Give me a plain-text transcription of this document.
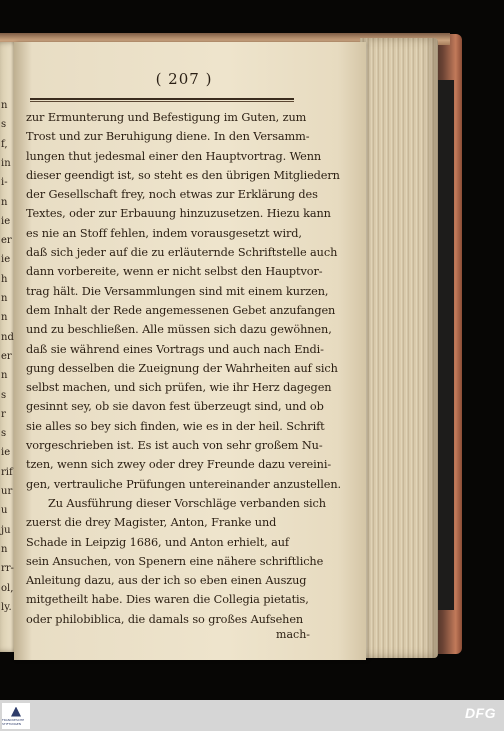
n
s
f,
in
i-
n
ie
er
ie
h
n
n
nd
er
n
s
r
s
ie
rif
ur
u
ju
n
rr-
ol,
ly.
( 207 )
zur Ermunterung und Befestigung im Guten, zum
Trost und zur Beruhigung diene. In den Versamm-
lungen thut jedesmal einer den Hauptvortrag. Wenn
dieser geendigt ist, so steht es den übrigen Mitgliedern
der Gesellschaft frey, noch etwas zur Erklärung des
Textes, oder zur Erbauung hinzuzusetzen. Hiezu kann
es nie an Stoff fehlen, indem vorausgesetzt wird,
daß sich jeder auf die zu erläuternde Schriftstelle auch
dann vorbereite, wenn er nicht selbst den Hauptvor-
trag hält. Die Versammlungen sind mit einem kurzen,
dem Inhalt der Rede angemessenen Gebet anzufangen
und zu beschließen. Alle müssen sich dazu gewöhnen,
daß sie während eines Vortrags und auch nach Endi-
gung desselben die Zueignung der Wahrheiten auf sich
selbst machen, und sich prüfen, wie ihr Herz dagegen
gesinnt sey, ob sie davon fest überzeugt sind, und ob
sie alles so bey sich finden, wie es in der heil. Schrift
vorgeschrieben ist. Es ist auch von sehr großem Nu-
tzen, wenn sich zwey oder drey Freunde dazu vereini-
gen, vertrauliche Prüfungen untereinander anzustellen.
Zu Ausführung dieser Vorschläge verbanden sich
zuerst die drey Magister, Anton, Franke und
Schade in Leipzig 1686, und Anton erhielt, auf
sein Ansuchen, von Spenern eine nähere schriftliche
Anleitung dazu, aus der ich so eben einen Auszug
mitgetheilt habe. Dies waren die Collegia pietatis,
oder philobiblica, die damals so großes Aufsehen
mach-
FRANCKESCHE STIFTUNGEN
DFG
